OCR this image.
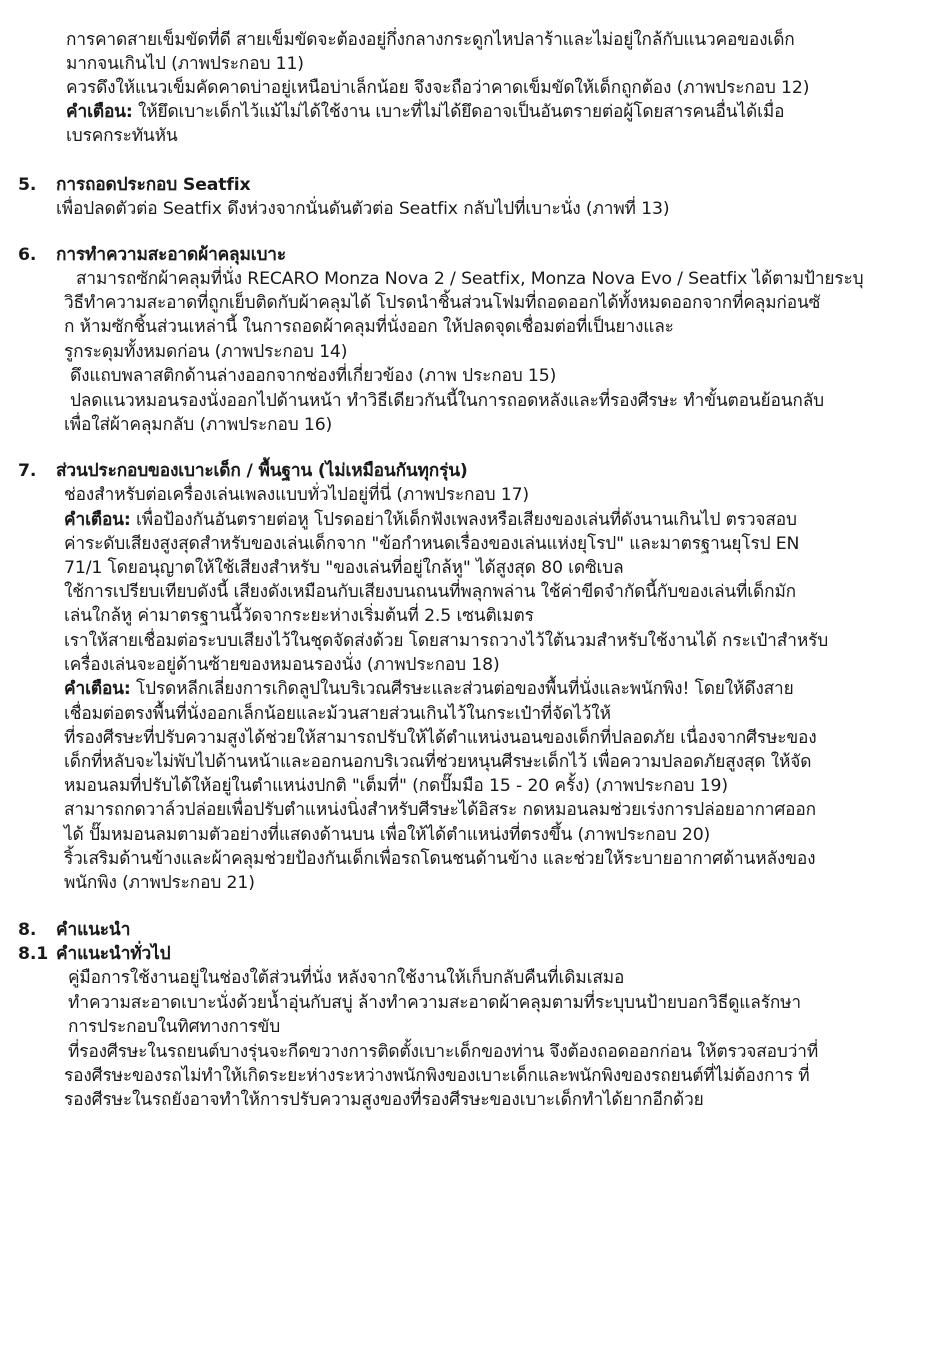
การคาดสายเข็มขัดที่ดี สายเข็มขัดจะต้องอยู่กึ่งกลางกระดูกไหปลาร้าและไม่อยู่ใกล้กับแนวคอของเด็ก
มากจนเกินไป (ภาพประกอบ 11)
ควรดึงให้แนวเข็มคัดคาดบ่าอยู่เหนือบ่าเล็กน้อย จึงจะถือว่าคาดเข็มขัดให้เด็กถูกต้อง (ภาพประกอบ 12)
คำเตือน: ให้ยึดเบาะเด็กไว้แม้ไม่ได้ใช้งาน เบาะที่ไม่ได้ยึดอาจเป็นอันตรายต่อผู้โดยสารคนอื่นได้เมื่อ
เบรคกระทันหัน
5. การถอดประกอบ Seatfix
เพื่อปลดตัวต่อ Seatfix ดึงห่วงจากนั่นดันตัวต่อ Seatfix กลับไปที่เบาะนั่ง (ภาพที่ 13)
6. การทำความสะอาดผ้าคลุมเบาะ
สามารถซักผ้าคลุมที่นั่ง RECARO Monza Nova 2 / Seatfix, Monza Nova Evo / Seatfix ได้ตามป้ายระบุ
วิธีทำความสะอาดที่ถูกเย็บติดกับผ้าคลุมได้ โปรดนำชิ้นส่วนโฟมที่ถอดออกได้ทั้งหมดออกจากที่คลุมก่อนซั
ก ห้ามซักชิ้นส่วนเหล่านี้ ในการถอดผ้าคลุมที่นั่งออก ให้ปลดจุดเชื่อมต่อที่เป็นยางและ
รูกระดุมทั้งหมดก่อน (ภาพประกอบ 14)
ดึงแถบพลาสติกด้านล่างออกจากช่องที่เกี่ยวข้อง (ภาพ ประกอบ 15)
ปลดแนวหมอนรองนั่งออกไปด้านหน้า ทำวิธีเดียวกันนี้ในการถอดหลังและที่รองศีรษะ ทำขั้นตอนย้อนกลับ
เพื่อใส่ผ้าคลุมกลับ (ภาพประกอบ 16)
7. ส่วนประกอบของเบาะเด็ก / พื้นฐาน (ไม่เหมือนกันทุกรุ่น)
ช่องสำหรับต่อเครื่องเล่นเพลงแบบทั่วไปอยู่ที่นี่ (ภาพประกอบ 17)
คำเตือน: เพื่อป้องกันอันตรายต่อหู โปรดอย่าให้เด็กฟังเพลงหรือเสียงของเล่นที่ดังนานเกินไป ตรวจสอบ
ค่าระดับเสียงสูงสุดสำหรับของเล่นเด็กจาก "ข้อกำหนดเรื่องของเล่นแห่งยุโรป" และมาตรฐานยุโรป EN
71/1 โดยอนุญาตให้ใช้เสียงสำหรับ "ของเล่นที่อยู่ใกล้หู" ได้สูงสุด 80 เดซิเบล
ใช้การเปรียบเทียบดังนี้ เสียงดังเหมือนกับเสียงบนถนนที่พลุกพล่าน ใช้ค่าขีดจำกัดนี้กับของเล่นที่เด็กมัก
เล่นใกล้หู ค่ามาตรฐานนี้วัดจากระยะห่างเริ่มต้นที่ 2.5 เซนติเมตร
เราให้สายเชื่อมต่อระบบเสียงไว้ในชุดจัดส่งด้วย โดยสามารถวางไว้ใต้นวมสำหรับใช้งานได้ กระเป๋าสำหรับ
เครื่องเล่นจะอยู่ด้านซ้ายของหมอนรองนั่ง (ภาพประกอบ 18)
คำเตือน: โปรดหลีกเลี่ยงการเกิดลูปในบริเวณศีรษะและส่วนต่อของพื้นที่นั่งและพนักพิง! โดยให้ดึงสาย
เชื่อมต่อตรงพื้นที่นั่งออกเล็กน้อยและม้วนสายส่วนเกินไว้ในกระเป๋าที่จัดไว้ให้
ที่รองศีรษะที่ปรับความสูงได้ช่วยให้สามารถปรับให้ได้ตำแหน่งนอนของเด็กที่ปลอดภัย เนื่องจากศีรษะของ
เด็กที่หลับจะไม่พับไปด้านหน้าและออกนอกบริเวณที่ช่วยหนุนศีรษะเด็กไว้ เพื่อความปลอดภัยสูงสุด ให้จัด
หมอนลมที่ปรับได้ให้อยู่ในตำแหน่งปกติ "เต็มที่" (กดปั๊มมือ 15 - 20 ครั้ง) (ภาพประกอบ 19)
สามารถกดวาล์วปล่อยเพื่อปรับตำแหน่งนิ่งสำหรับศีรษะได้อิสระ กดหมอนลมช่วยเร่งการปล่อยอากาศออก
ได้ ปั๊มหมอนลมตามตัวอย่างที่แสดงด้านบน เพื่อให้ได้ตำแหน่งที่ตรงขึ้น (ภาพประกอบ 20)
ริ้วเสริมด้านข้างและผ้าคลุมช่วยป้องกันเด็กเพื่อรถโดนชนด้านข้าง และช่วยให้ระบายอากาศด้านหลังของ
พนักพิง (ภาพประกอบ 21)
8. คำแนะนำ
8.1 คำแนะนำทั่วไป
คู่มือการใช้งานอยู่ในช่องใต้ส่วนที่นั่ง หลังจากใช้งานให้เก็บกลับคืนที่เดิมเสมอ
ทำความสะอาดเบาะนั่งด้วยน้ำอุ่นกับสบู่ ล้างทำความสะอาดผ้าคลุมตามที่ระบุบนป้ายบอกวิธีดูแลรักษา
การประกอบในทิศทางการขับ
ที่รองศีรษะในรถยนต์บางรุ่นจะกีดขวางการติดตั้งเบาะเด็กของท่าน จึงต้องถอดออกก่อน ให้ตรวจสอบว่าที่
รองศีรษะของรถไม่ทำให้เกิดระยะห่างระหว่างพนักพิงของเบาะเด็กและพนักพิงของรถยนต์ที่ไม่ต้องการ ที่
รองศีรษะในรถยังอาจทำให้การปรับความสูงของที่รองศีรษะของเบาะเด็กทำได้ยากอีกด้วย
